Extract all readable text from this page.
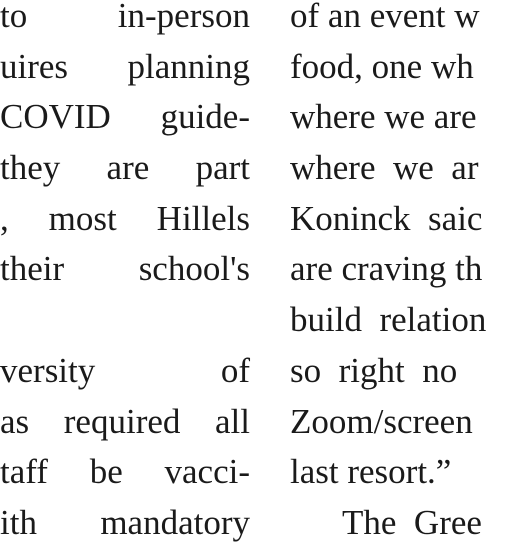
to	in-person
uires planning
COVID guide-
they are part
, most Hillels
their school's
versity	of
as required all
taff be vacci-
ith mandatory
of an event w
food, one wh
where we are
where  we  ar
Koninck  saic
are craving th
build  relation
so  right  no
Zoom/screen
last resort.”
The  Gree
